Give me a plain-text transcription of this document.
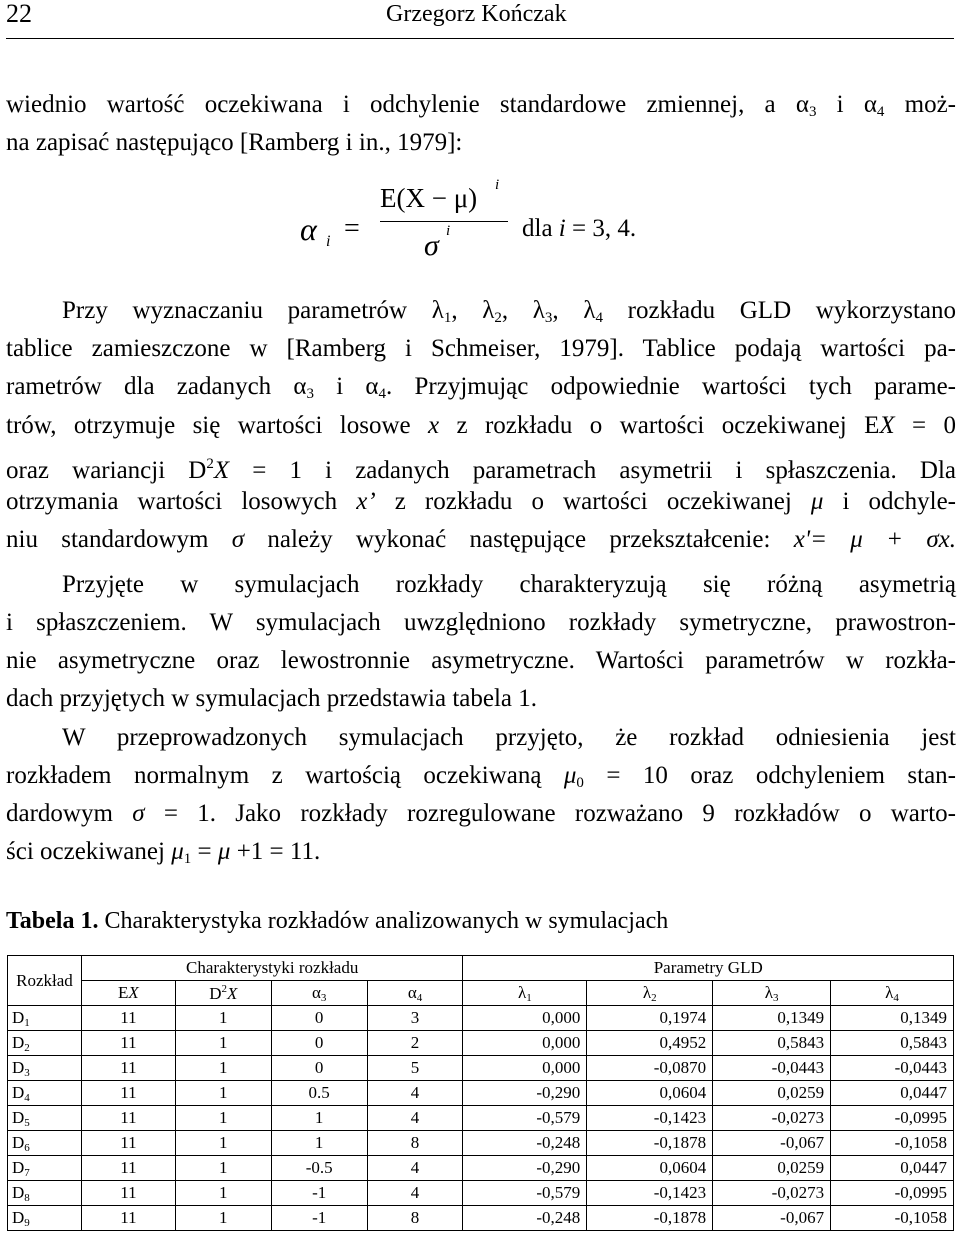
22	Grzegorz Kończak
wiednio wartość oczekiwana i odchylenie standardowe zmiennej, a $\alpha_3$ i $\alpha_4$ moż-
na zapisać następująco [Ramberg i in., 1979]:
α i =
E(X − μ) i
σ i	dla i = 3, 4.
Przy wyznaczaniu parametrów $\lambda_1$, $\lambda_2$, $\lambda_3$, $\lambda_4$ rozkładu GLD wykorzystano
tablice zamieszczone w [Ramberg i Schmeiser, 1979]. Tablice podają wartości pa-
rametrów dla zadanych $\alpha_3$ i $\alpha_4$. Przyjmując odpowiednie wartości tych parame-
trów, otrzymuje się wartości losowe x z rozkładu o wartości oczekiwanej EX = 0
oraz wariancji $D^2X = 1$ i zadanych parametrach asymetrii i spłaszczenia. Dla
otrzymania wartości losowych x’ z rozkładu o wartości oczekiwanej μ i odchyle-
niu standardowym σ należy wykonać następujące przekształcenie: x'= μ + σx.
Przyjęte w symulacjach rozkłady charakteryzują się różną asymetrią
i spłaszczeniem. W symulacjach uwzględniono rozkłady symetryczne, prawostron-
nie asymetryczne oraz lewostronnie asymetryczne. Wartości parametrów w rozkła-
dach przyjętych w symulacjach przedstawia tabela 1.
W przeprowadzonych symulacjach przyjęto, że rozkład odniesienia jest
rozkładem normalnym z wartością oczekiwaną $\mu_0 = 10$ oraz odchyleniem stan-
dardowym σ = 1. Jako rozkłady rozregulowane rozważano 9 rozkładów o warto-
ści oczekiwanej $\mu_1 = \mu +1 = 11$.
Tabela 1. Charakterystyka rozkładów analizowanych w symulacjach
Rozkład	Charakterystyki rozkładu				Parametry GLD			
	EX	$D^2X$	α3	α4	λ1	λ2	λ3	λ4
D1	11	1	0	3	0,000	0,1974	0,1349	0,1349
D2	11	1	0	2	0,000	0,4952	0,5843	0,5843
D3	11	1	0	5	0,000	-0,0870	-0,0443	-0,0443
D4	11	1	0.5	4	-0,290	0,0604	0,0259	0,0447
D5	11	1	1	4	-0,579	-0,1423	-0,0273	-0,0995
D6	11	1	1	8	-0,248	-0,1878	-0,067	-0,1058
D7	11	1	-0.5	4	-0,290	0,0604	0,0259	0,0447
D8	11	1	-1	4	-0,579	-0,1423	-0,0273	-0,0995
D9	11	1	-1	8	-0,248	-0,1878	-0,067	-0,1058
